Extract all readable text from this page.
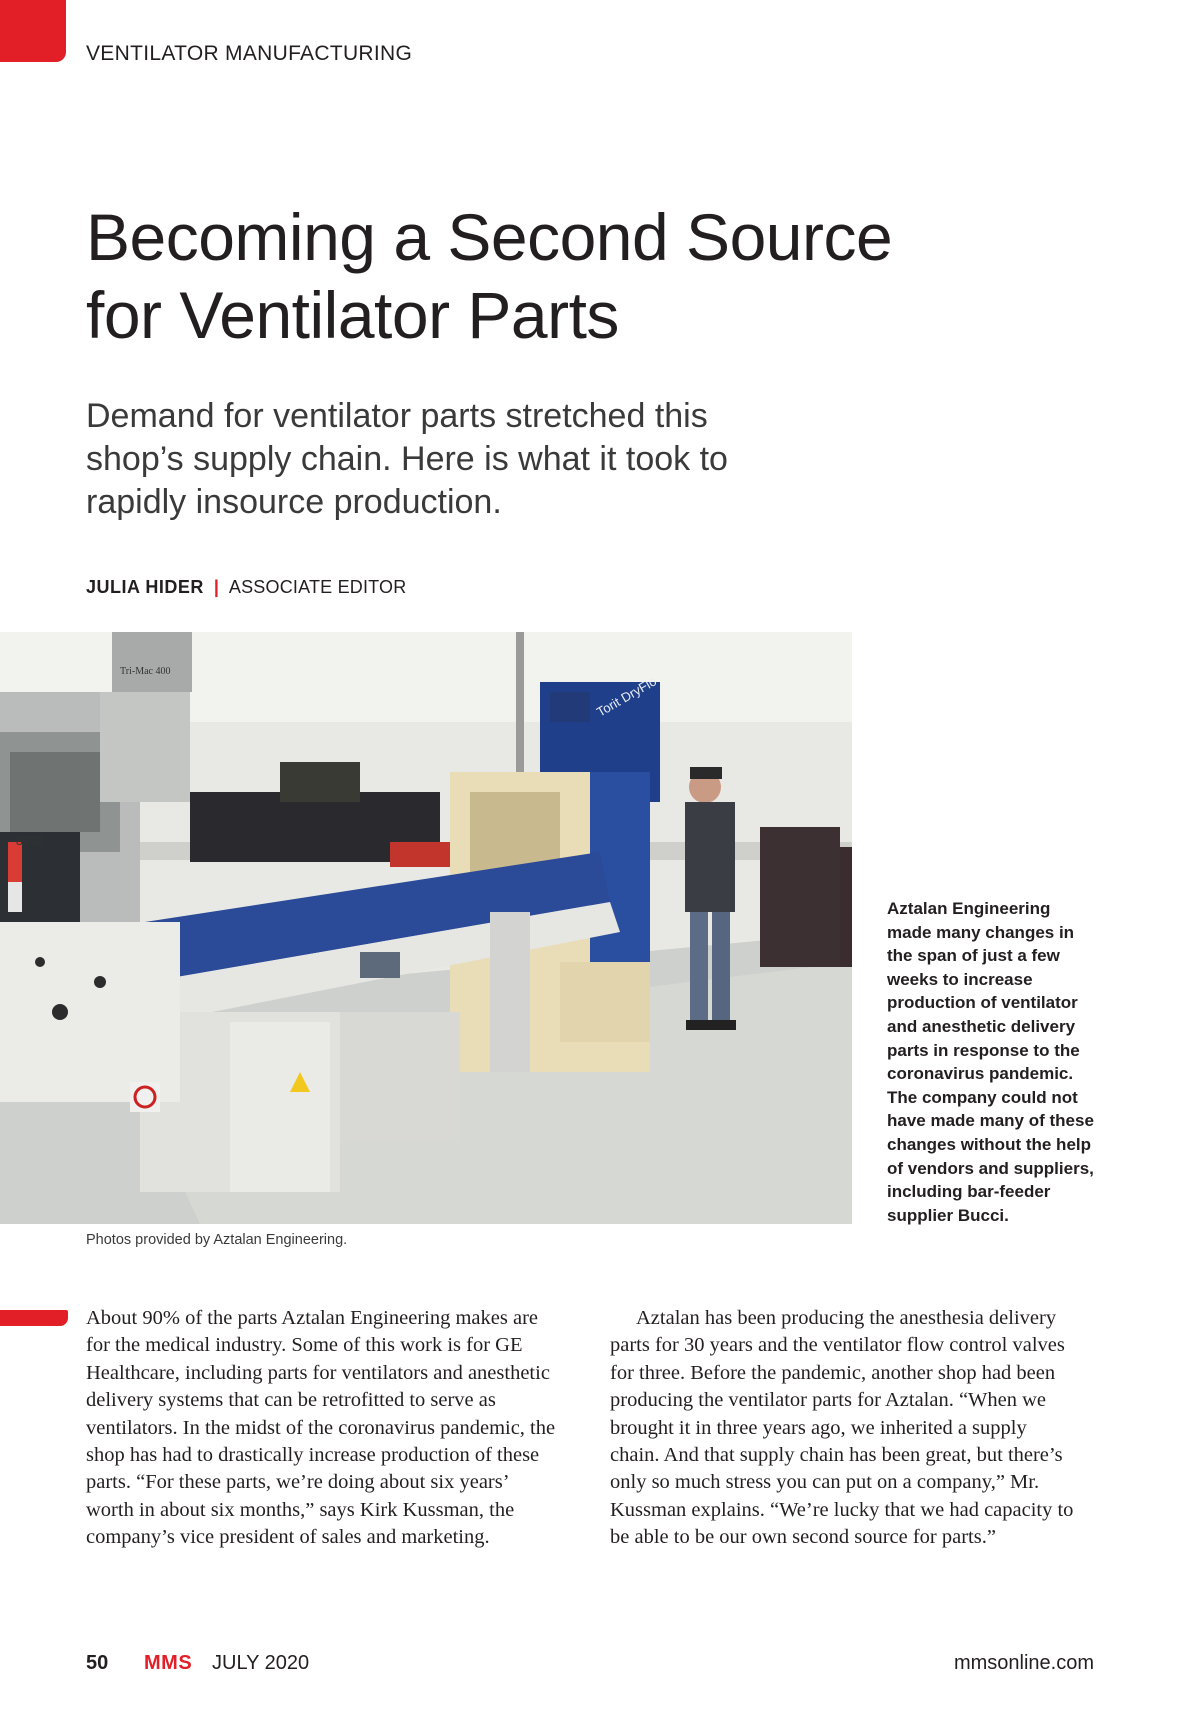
VENTILATOR MANUFACTURING
Becoming a Second Source for Ventilator Parts
Demand for ventilator parts stretched this shop’s supply chain. Here is what it took to rapidly insource production.
JULIA HIDER | ASSOCIATE EDITOR
Torit DryFlo
8932
Tri-Mac 400
Aztalan Engineering made many changes in the span of just a few weeks to increase production of ventilator and anesthetic delivery parts in response to the coronavirus pandemic. The company could not have made many of these changes without the help of vendors and suppliers, including bar-feeder supplier Bucci.
Photos provided by Aztalan Engineering.

About 90% of the parts Aztalan Engineering makes are for the medical industry. Some of this work is for GE Healthcare, including parts for ventilators and anesthetic delivery systems that can be retrofitted to serve as ventilators. In the midst of the coronavirus pandemic, the shop has had to drastically increase production of these parts. “For these parts, we’re doing about six years’ worth in about six months,” says Kirk Kussman, the company’s vice president of sales and marketing.

Aztalan has been producing the anesthesia delivery parts for 30 years and the ventilator flow control valves for three. Before the pandemic, another shop had been producing the ventilator parts for Aztalan. “When we brought it in three years ago, we inherited a supply chain. And that supply chain has been great, but there’s only so much stress you can put on a company,” Mr. Kussman explains. “We’re lucky that we had capacity to be able to be our own second source for parts.”

50 MMS JULY 2020	mmsonline.com
